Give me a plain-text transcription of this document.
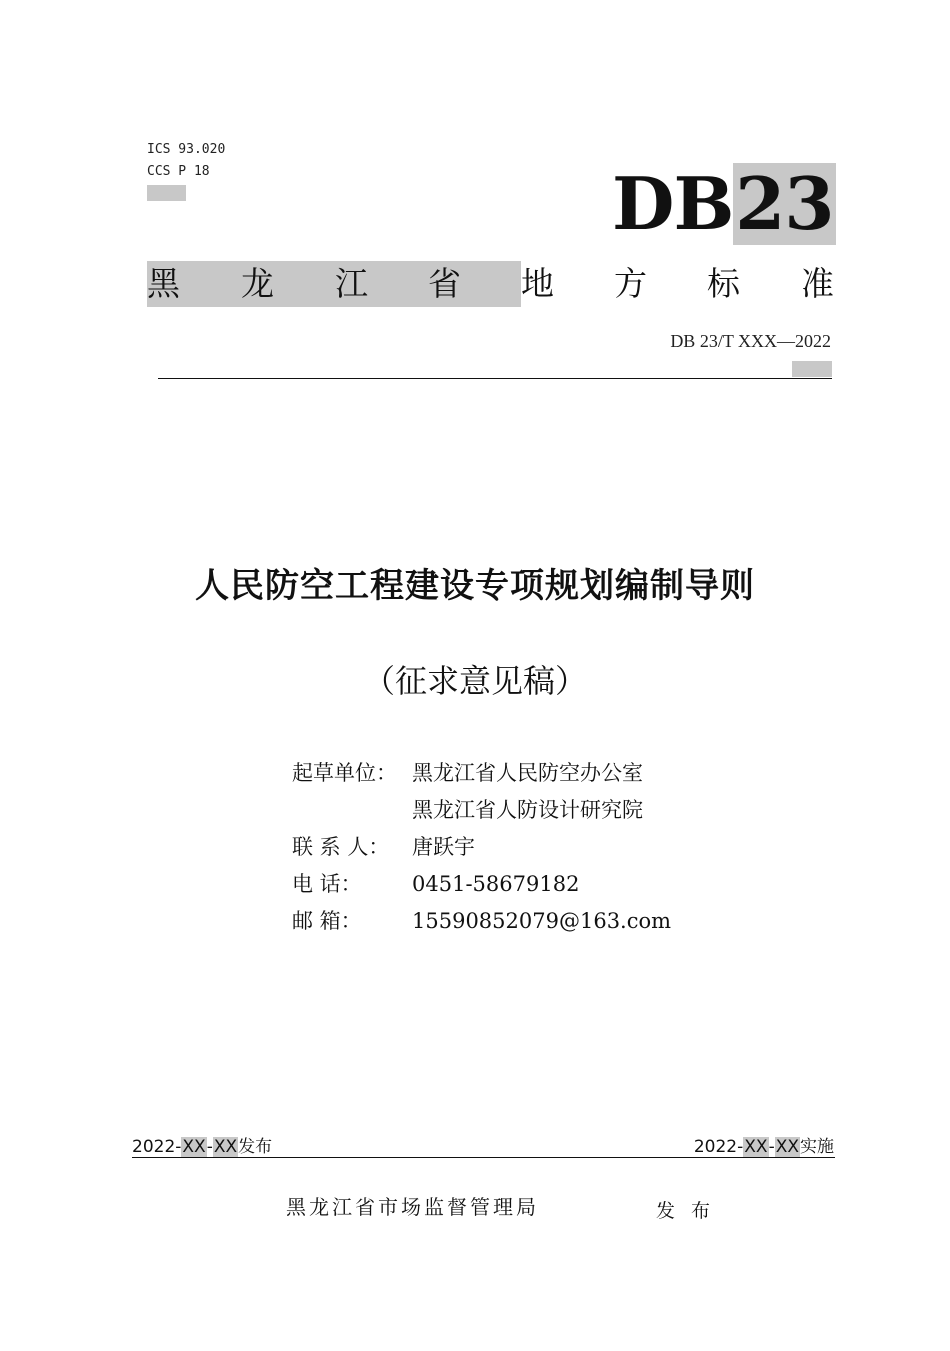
ICS 93.020
CCS P 18	DB23
黑 龙 江 省 地 方 标 准
DB 23/T XXX—2022
人民防空工程建设专项规划编制导则
（征求意见稿）
起草单位： 黑龙江省人民防空办公室
黑龙江省人防设计研究院
联 系 人： 唐跃宇
电 话： 0451-58679182
邮 箱： 15590852079@163.com
2022-XX-XX发布	2022-XX-XX实施
黑龙江省市场监督管理局	发布
